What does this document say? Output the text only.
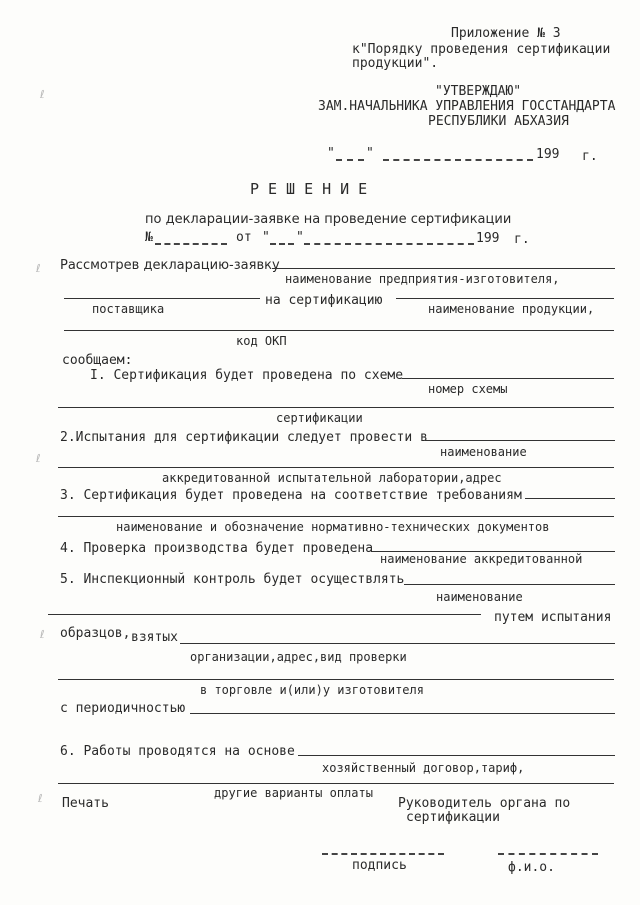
ℓ
ℓ
ℓ
ℓ
ℓ
Приложение № 3
к"Порядку проведения сертификации
продукции".
"УТВЕРЖДАЮ"
ЗАМ.НАЧАЛЬНИКА УПРАВЛЕНИЯ ГОССТАНДАРТА
РЕСПУБЛИКИ АБХАЗИЯ
" "	199 г.
РЕШЕНИЕ
по декларации-заявке на проведение сертификации
№	от " "	199 г.
Рассмотрев декларацию-заявку
наименование предприятия-изготовителя,
на сертификацию
поставщика	наименование продукции,
код ОКП
сообщаем:
I. Сертификация будет проведена по схеме
номер схемы
сертификации
2.Испытания для сертификации следует провести в
наименование
аккредитованной испытательной лаборатории,адрес
3. Сертификация будет проведена на соответствие требованиям
наименование и обозначение нормативно-технических документов
4. Проверка производства будет проведена
наименование аккредитованной
5. Инспекционный контроль будет осуществлять
наименование
путем испытания
образцов, взятых
организации,адрес,вид проверки
в торговле и(или)у изготовителя
с периодичностью
6. Работы проводятся на основе
хозяйственный договор,тариф,
другие варианты оплаты
Печать	Руководитель органа по
сертификации
подпись	ф.и.о.
